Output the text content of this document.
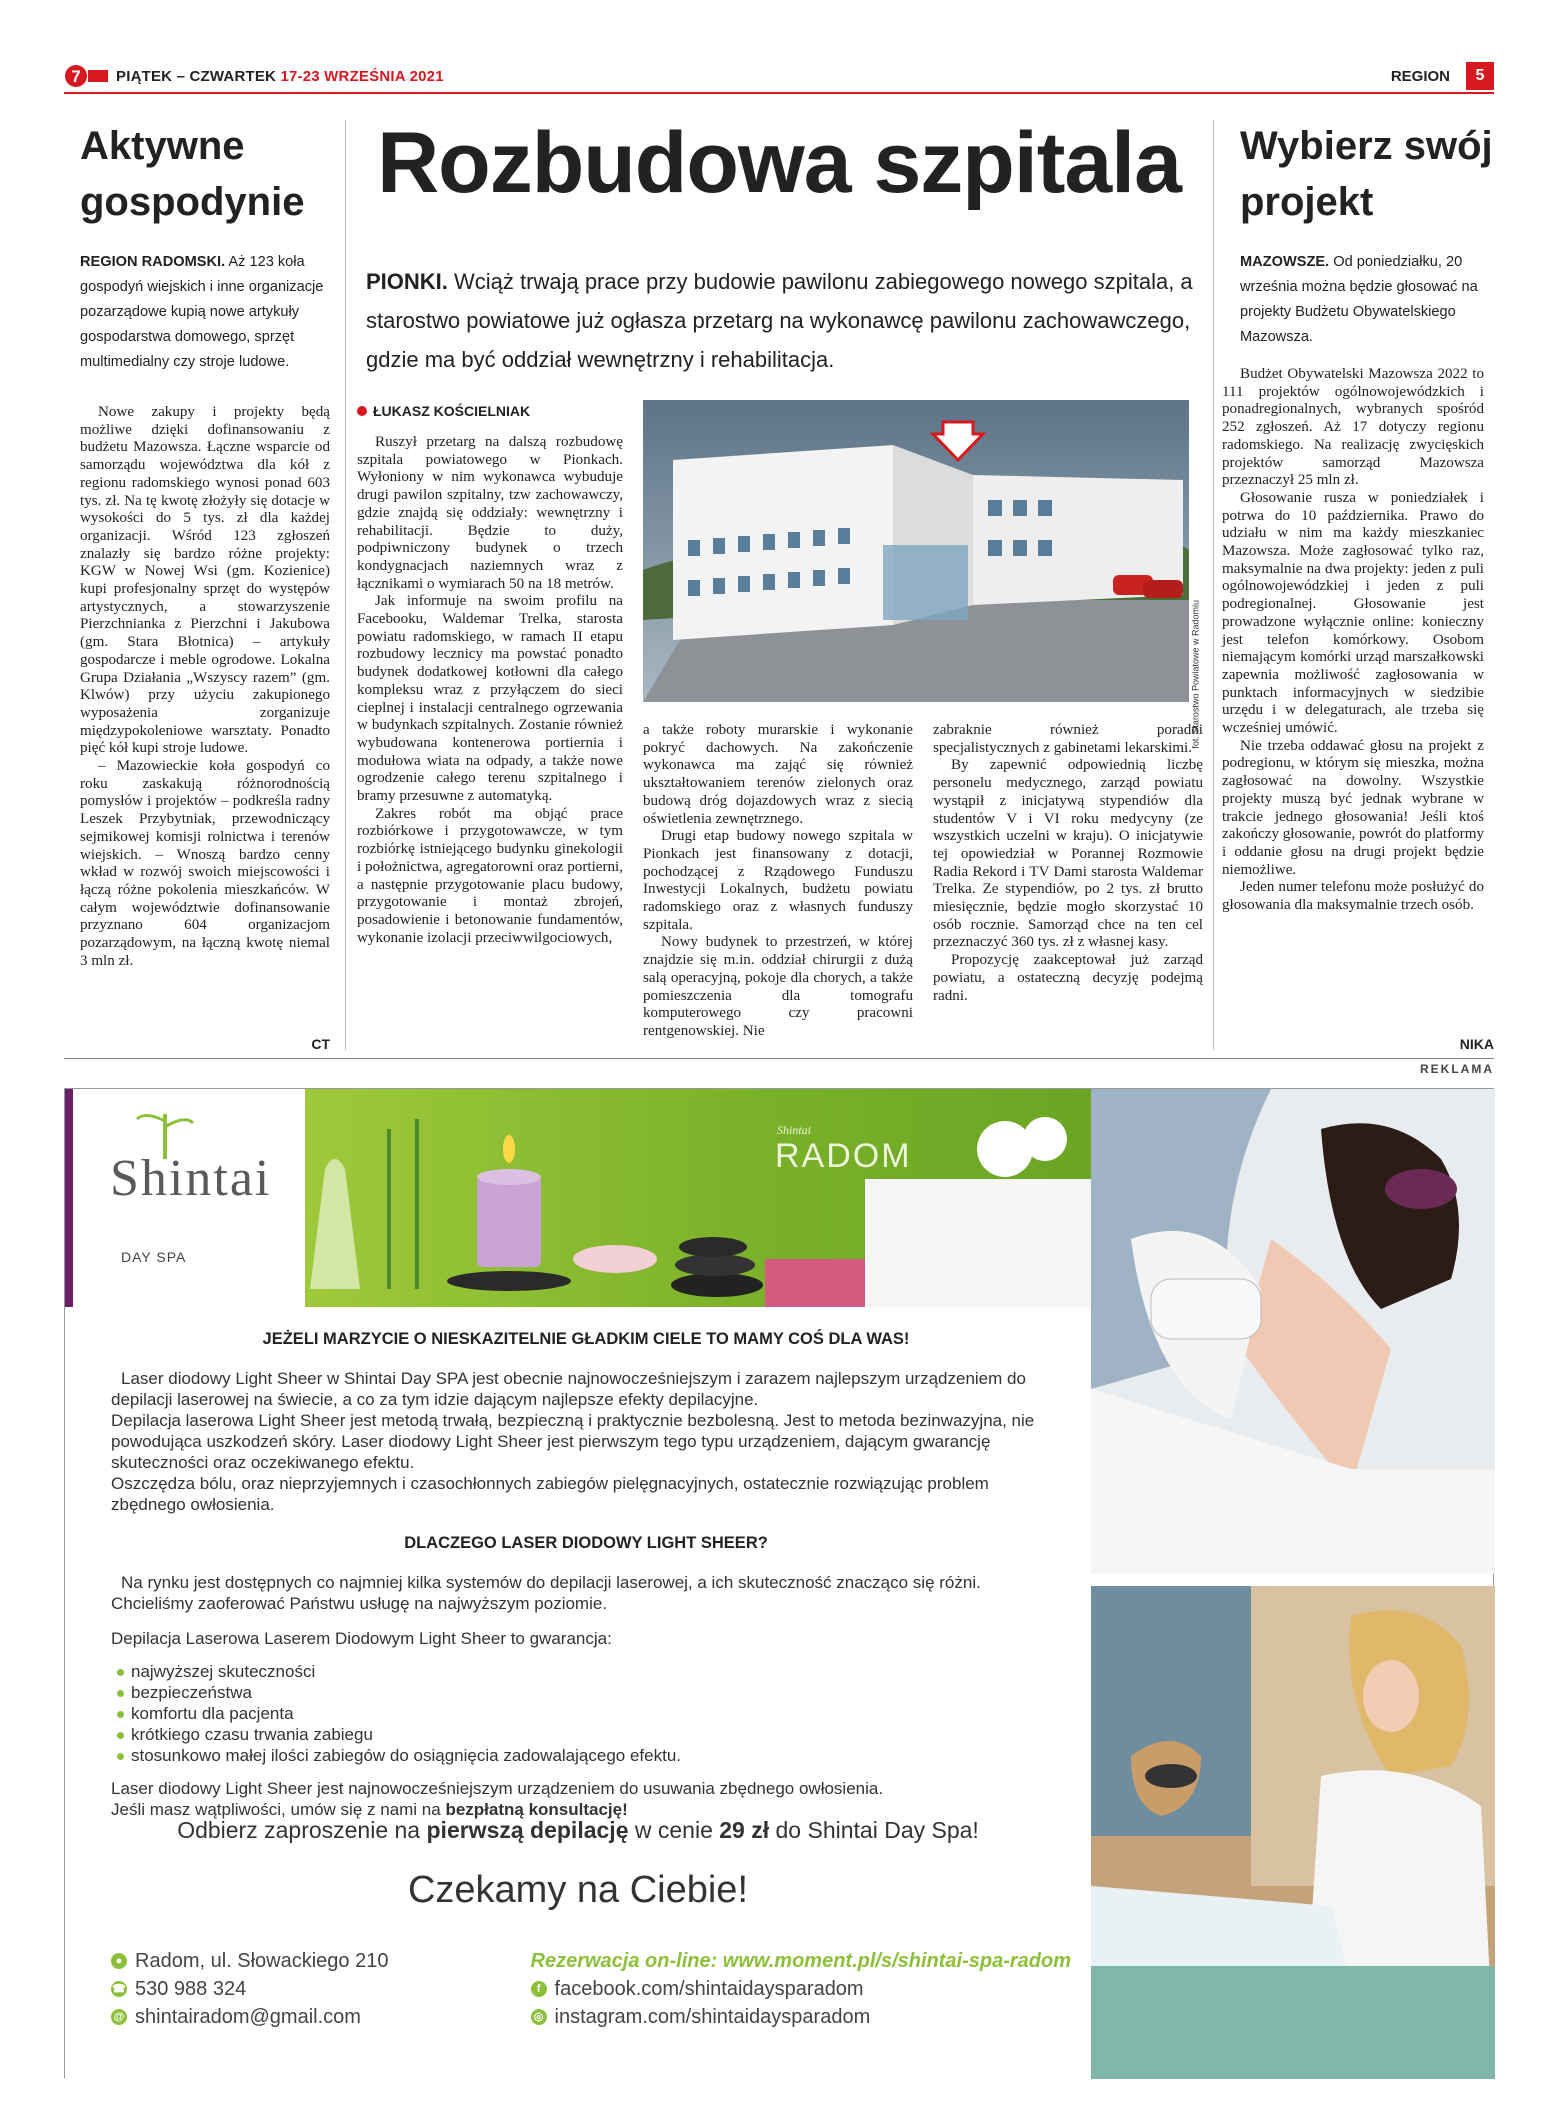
7 PIĄTEK – CZWARTEK 17-23 WRZEŚNIA 2021	REGION	5
Aktywne gospodynie
REGION RADOMSKI. Aż 123 koła gospodyń wiejskich i inne organizacje pozarządowe kupią nowe artykuły gospodarstwa domowego, sprzęt multimedialny czy stroje ludowe.

Nowe zakupy i projekty będą możliwe dzięki dofinansowaniu z budżetu Mazowsza. Łączne wsparcie od samorządu województwa dla kół z regionu radomskiego wynosi ponad 603 tys. zł. Na tę kwotę złożyły się dotacje w wysokości do 5 tys. zł dla każdej organizacji. Wśród 123 zgłoszeń znalazły się bardzo różne projekty: KGW w Nowej Wsi (gm. Kozienice) kupi profesjonalny sprzęt do występów artystycznych, a stowarzyszenie Pierzchnianka z Pierzchni i Jakubowa (gm. Stara Błotnica) – artykuły gospodarcze i meble ogrodowe. Lokalna Grupa Działania „Wszyscy razem” (gm. Klwów) przy użyciu zakupionego wyposażenia zorganizuje międzypokoleniowe warsztaty. Ponadto pięć kół kupi stroje ludowe.

– Mazowieckie koła gospodyń co roku zaskakują różnorodnością pomysłów i projektów – podkreśla radny Leszek Przybytniak, przewodniczący sejmikowej komisji rolnictwa i terenów wiejskich. – Wnoszą bardzo cenny wkład w rozwój swoich miejscowości i łączą różne pokolenia mieszkańców. W całym województwie dofinansowanie przyznano 604 organizacjom pozarządowym, na łączną kwotę niemal 3 mln zł.

CT
Rozbudowa szpitala
PIONKI. Wciąż trwają prace przy budowie pawilonu zabiegowego nowego szpitala, a starostwo powiatowe już ogłasza przetarg na wykonawcę pawilonu zachowawczego, gdzie ma być oddział wewnętrzny i rehabilitacja.
ŁUKASZ KOŚCIELNIAK

Ruszył przetarg na dalszą rozbudowę szpitala powiatowego w Pionkach. Wyłoniony w nim wykonawca wybuduje drugi pawilon szpitalny, tzw zachowawczy, gdzie znajdą się oddziały: wewnętrzny i rehabilitacji. Będzie to duży, podpiwniczony budynek o trzech kondygnacjach naziemnych wraz z łącznikami o wymiarach 50 na 18 metrów.

Jak informuje na swoim profilu na Facebooku, Waldemar Trelka, starosta powiatu radomskiego, w ramach II etapu rozbudowy lecznicy ma powstać ponadto budynek dodatkowej kotłowni dla całego kompleksu wraz z przyłączem do sieci cieplnej i instalacji centralnego ogrzewania w budynkach szpitalnych. Zostanie również wybudowana kontenerowa portiernia i modułowa wiata na odpady, a także nowe ogrodzenie całego terenu szpitalnego i bramy przesuwne z automatyką.

Zakres robót ma objąć prace rozbiórkowe i przygotowawcze, w tym rozbiórkę istniejącego budynku ginekologii i położnictwa, agregatorowni oraz portierni, a następnie przygotowanie placu budowy, przygotowanie i montaż zbrojeń, posadowienie i betonowanie fundamentów, wykonanie izolacji przeciwwilgociowych,

fot. Starostwo Powiatowe w Radomiu

a także roboty murarskie i wykonanie pokryć dachowych. Na zakończenie wykonawca ma zająć się również ukształtowaniem terenów zielonych oraz budową dróg dojazdowych wraz z siecią oświetlenia zewnętrznego.

Drugi etap budowy nowego szpitala w Pionkach jest finansowany z dotacji, pochodzącej z Rządowego Funduszu Inwestycji Lokalnych, budżetu powiatu radomskiego oraz z własnych funduszy szpitala.

Nowy budynek to przestrzeń, w której znajdzie się m.in. oddział chirurgii z dużą salą operacyjną, pokoje dla chorych, a także pomieszczenia dla tomografu komputerowego czy pracowni rentgenowskiej. Nie

zabraknie również poradni specjalistycznych z gabinetami lekarskimi.

By zapewnić odpowiednią liczbę personelu medycznego, zarząd powiatu wystąpił z inicjatywą stypendiów dla studentów V i VI roku medycyny (ze wszystkich uczelni w kraju). O inicjatywie tej opowiedział w Porannej Rozmowie Radia Rekord i TV Dami starosta Waldemar Trelka. Ze stypendiów, po 2 tys. zł brutto miesięcznie, będzie mogło skorzystać 10 osób rocznie. Samorząd chce na ten cel przeznaczyć 360 tys. zł z własnej kasy.

Propozycję zaakceptował już zarząd powiatu, a ostateczną decyzję podejmą radni.

Wybierz swój projekt
MAZOWSZE. Od poniedziałku, 20 września można będzie głosować na projekty Budżetu Obywatelskiego Mazowsza.

Budżet Obywatelski Mazowsza 2022 to 111 projektów ogólnowojewódzkich i ponadregionalnych, wybranych spośród 252 zgłoszeń. Aż 17 dotyczy regionu radomskiego. Na realizację zwycięskich projektów samorząd Mazowsza przeznaczył 25 mln zł.

Głosowanie rusza w poniedziałek i potrwa do 10 października. Prawo do udziału w nim ma każdy mieszkaniec Mazowsza. Może zagłosować tylko raz, maksymalnie na dwa projekty: jeden z puli ogólnowojewódzkiej i jeden z puli podregionalnej. Głosowanie jest prowadzone wyłącznie online: konieczny jest telefon komórkowy. Osobom niemającym komórki urząd marszałkowski zapewnia możliwość zagłosowania w punktach informacyjnych w siedzibie urzędu i w delegaturach, ale trzeba się wcześniej umówić.

Nie trzeba oddawać głosu na projekt z podregionu, w którym się mieszka, można zagłosować na dowolny. Wszystkie projekty muszą być jednak wybrane w trakcie jednego głosowania! Jeśli ktoś zakończy głosowanie, powrót do platformy i oddanie głosu na drugi projekt będzie niemożliwe.

Jeden numer telefonu może posłużyć do głosowania dla maksymalnie trzech osób.

NIKA
REKLAMA
Shintai
DAY SPA
Shintai
RADOM
JEŻELI MARZYCIE O NIESKAZITELNIE GŁADKIM CIELE TO MAMY COŚ DLA WAS!

Laser diodowy Light Sheer w Shintai Day SPA jest obecnie najnowocześniejszym i zarazem najlepszym urządzeniem do depilacji laserowej na świecie, a co za tym idzie dającym najlepsze efekty depilacyjne.

Depilacja laserowa Light Sheer jest metodą trwałą, bezpieczną i praktycznie bezbolesną. Jest to metoda bezinwazyjna, nie powodująca uszkodzeń skóry. Laser diodowy Light Sheer jest pierwszym tego typu urządzeniem, dającym gwarancję skuteczności oraz oczekiwanego efektu.

Oszczędza bólu, oraz nieprzyjemnych i czasochłonnych zabiegów pielęgnacyjnych, ostatecznie rozwiązując problem zbędnego owłosienia.

DLACZEGO LASER DIODOWY LIGHT SHEER?

Na rynku jest dostępnych co najmniej kilka systemów do depilacji laserowej, a ich skuteczność znacząco się różni. Chcieliśmy zaoferować Państwu usługę na najwyższym poziomie.

Depilacja Laserowa Laserem Diodowym Light Sheer to gwarancja:

najwyższej skuteczności
bezpieczeństwa
komfortu dla pacjenta
krótkiego czasu trwania zabiegu
stosunkowo małej ilości zabiegów do osiągnięcia zadowalającego efektu.

Laser diodowy Light Sheer jest najnowocześniejszym urządzeniem do usuwania zbędnego owłosienia.

Jeśli masz wątpliwości, umów się z nami na bezpłatną konsultację!

Odbierz zaproszenie na pierwszą depilację w cenie 29 zł do Shintai Day Spa!
Czekamy na Ciebie!
● Radom, ul. Słowackiego 210
☎ 530 988 324
@ shintairadom@gmail.com
Rezerwacja on-line: www.moment.pl/s/shintai-spa-radom
f facebook.com/shintaidaysparadom
◎ instagram.com/shintaidaysparadom
